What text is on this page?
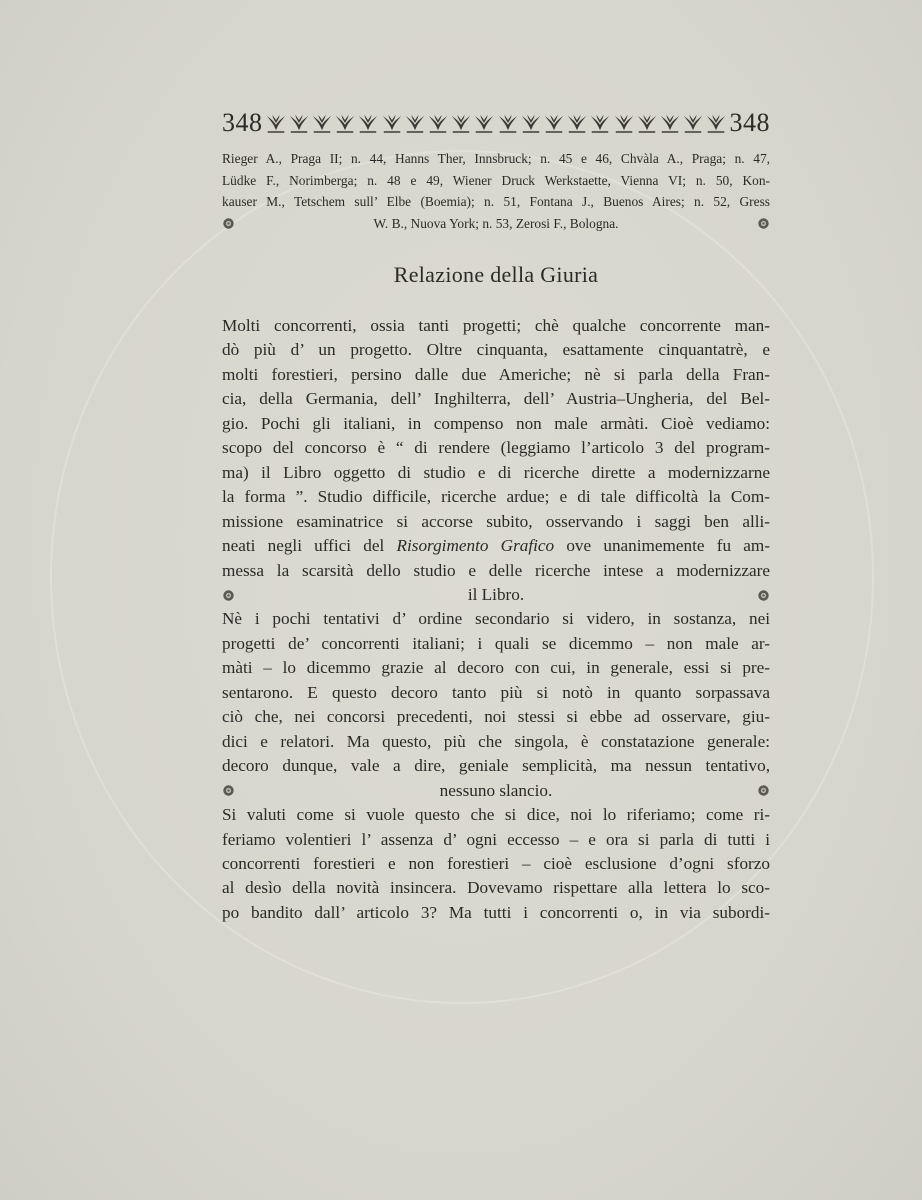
348	348
Rieger A., Praga II; n. 44, Hanns Ther, Innsbruck; n. 45 e 46, Chvàla A., Praga; n. 47,
Lüdke F., Norimberga; n. 48 e 49, Wiener Druck Werkstaette, Vienna VI; n. 50, Kon-
kauser M., Tetschem sull’ Elbe (Boemia); n. 51, Fontana J., Buenos Aires; n. 52, Gress
W. B., Nuova York; n. 53, Zerosi F., Bologna.
Relazione della Giuria
Molti concorrenti, ossia tanti progetti; chè qualche concorrente man-
dò più d’ un progetto. Oltre cinquanta, esattamente cinquantatrè, e
molti forestieri, persino dalle due Americhe; nè si parla della Fran-
cia, della Germania, dell’ Inghilterra, dell’ Austria–Ungheria, del Bel-
gio. Pochi gli italiani, in compenso non male armàti. Cioè vediamo:
scopo del concorso è “ di rendere (leggiamo l’articolo 3 del program-
ma) il Libro oggetto di studio e di ricerche dirette a modernizzarne
la forma ”. Studio difficile, ricerche ardue; e di tale difficoltà la Com-
missione esaminatrice si accorse subito, osservando i saggi ben alli-
neati negli uffici del Risorgimento Grafico ove unanimemente fu am-
messa la scarsità dello studio e delle ricerche intese a modernizzare
il Libro.
Nè i pochi tentativi d’ ordine secondario si videro, in sostanza, nei
progetti de’ concorrenti italiani; i quali se dicemmo – non male ar-
màti – lo dicemmo grazie al decoro con cui, in generale, essi si pre-
sentarono. E questo decoro tanto più si notò in quanto sorpassava
ciò che, nei concorsi precedenti, noi stessi si ebbe ad osservare, giu-
dici e relatori. Ma questo, più che singola, è constatazione generale:
decoro dunque, vale a dire, geniale semplicità, ma nessun tentativo,
nessuno slancio.
Si valuti come si vuole questo che si dice, noi lo riferiamo; come ri-
feriamo volentieri l’ assenza d’ ogni eccesso – e ora si parla di tutti i
concorrenti forestieri e non forestieri – cioè esclusione d’ogni sforzo
al desìo della novità insincera. Dovevamo rispettare alla lettera lo sco-
po bandito dall’ articolo 3? Ma tutti i concorrenti o, in via subordi-
